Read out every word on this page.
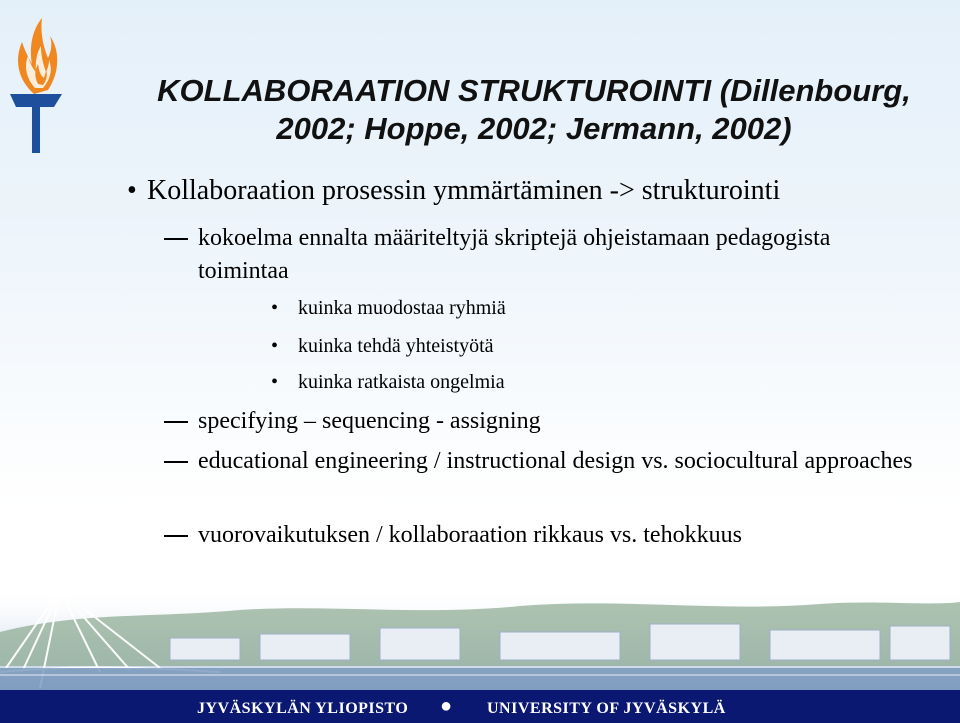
KOLLABORAATION STRUKTUROINTI (Dillenbourg,
2002; Hoppe, 2002; Jermann, 2002)
• Kollaboraation prosessin ymmärtäminen -> strukturointi
kokoelma ennalta määriteltyjä skriptejä ohjeistamaan pedagogista toimintaa
• kuinka muodostaa ryhmiä
• kuinka tehdä yhteistyötä
• kuinka ratkaista ongelmia
specifying – sequencing - assigning
educational engineering / instructional design vs. sociocultural approaches
vuorovaikutuksen / kollaboraation rikkaus vs. tehokkuus
JYVÄSKYLÄN YLIOPISTO ● UNIVERSITY OF JYVÄSKYLÄ
